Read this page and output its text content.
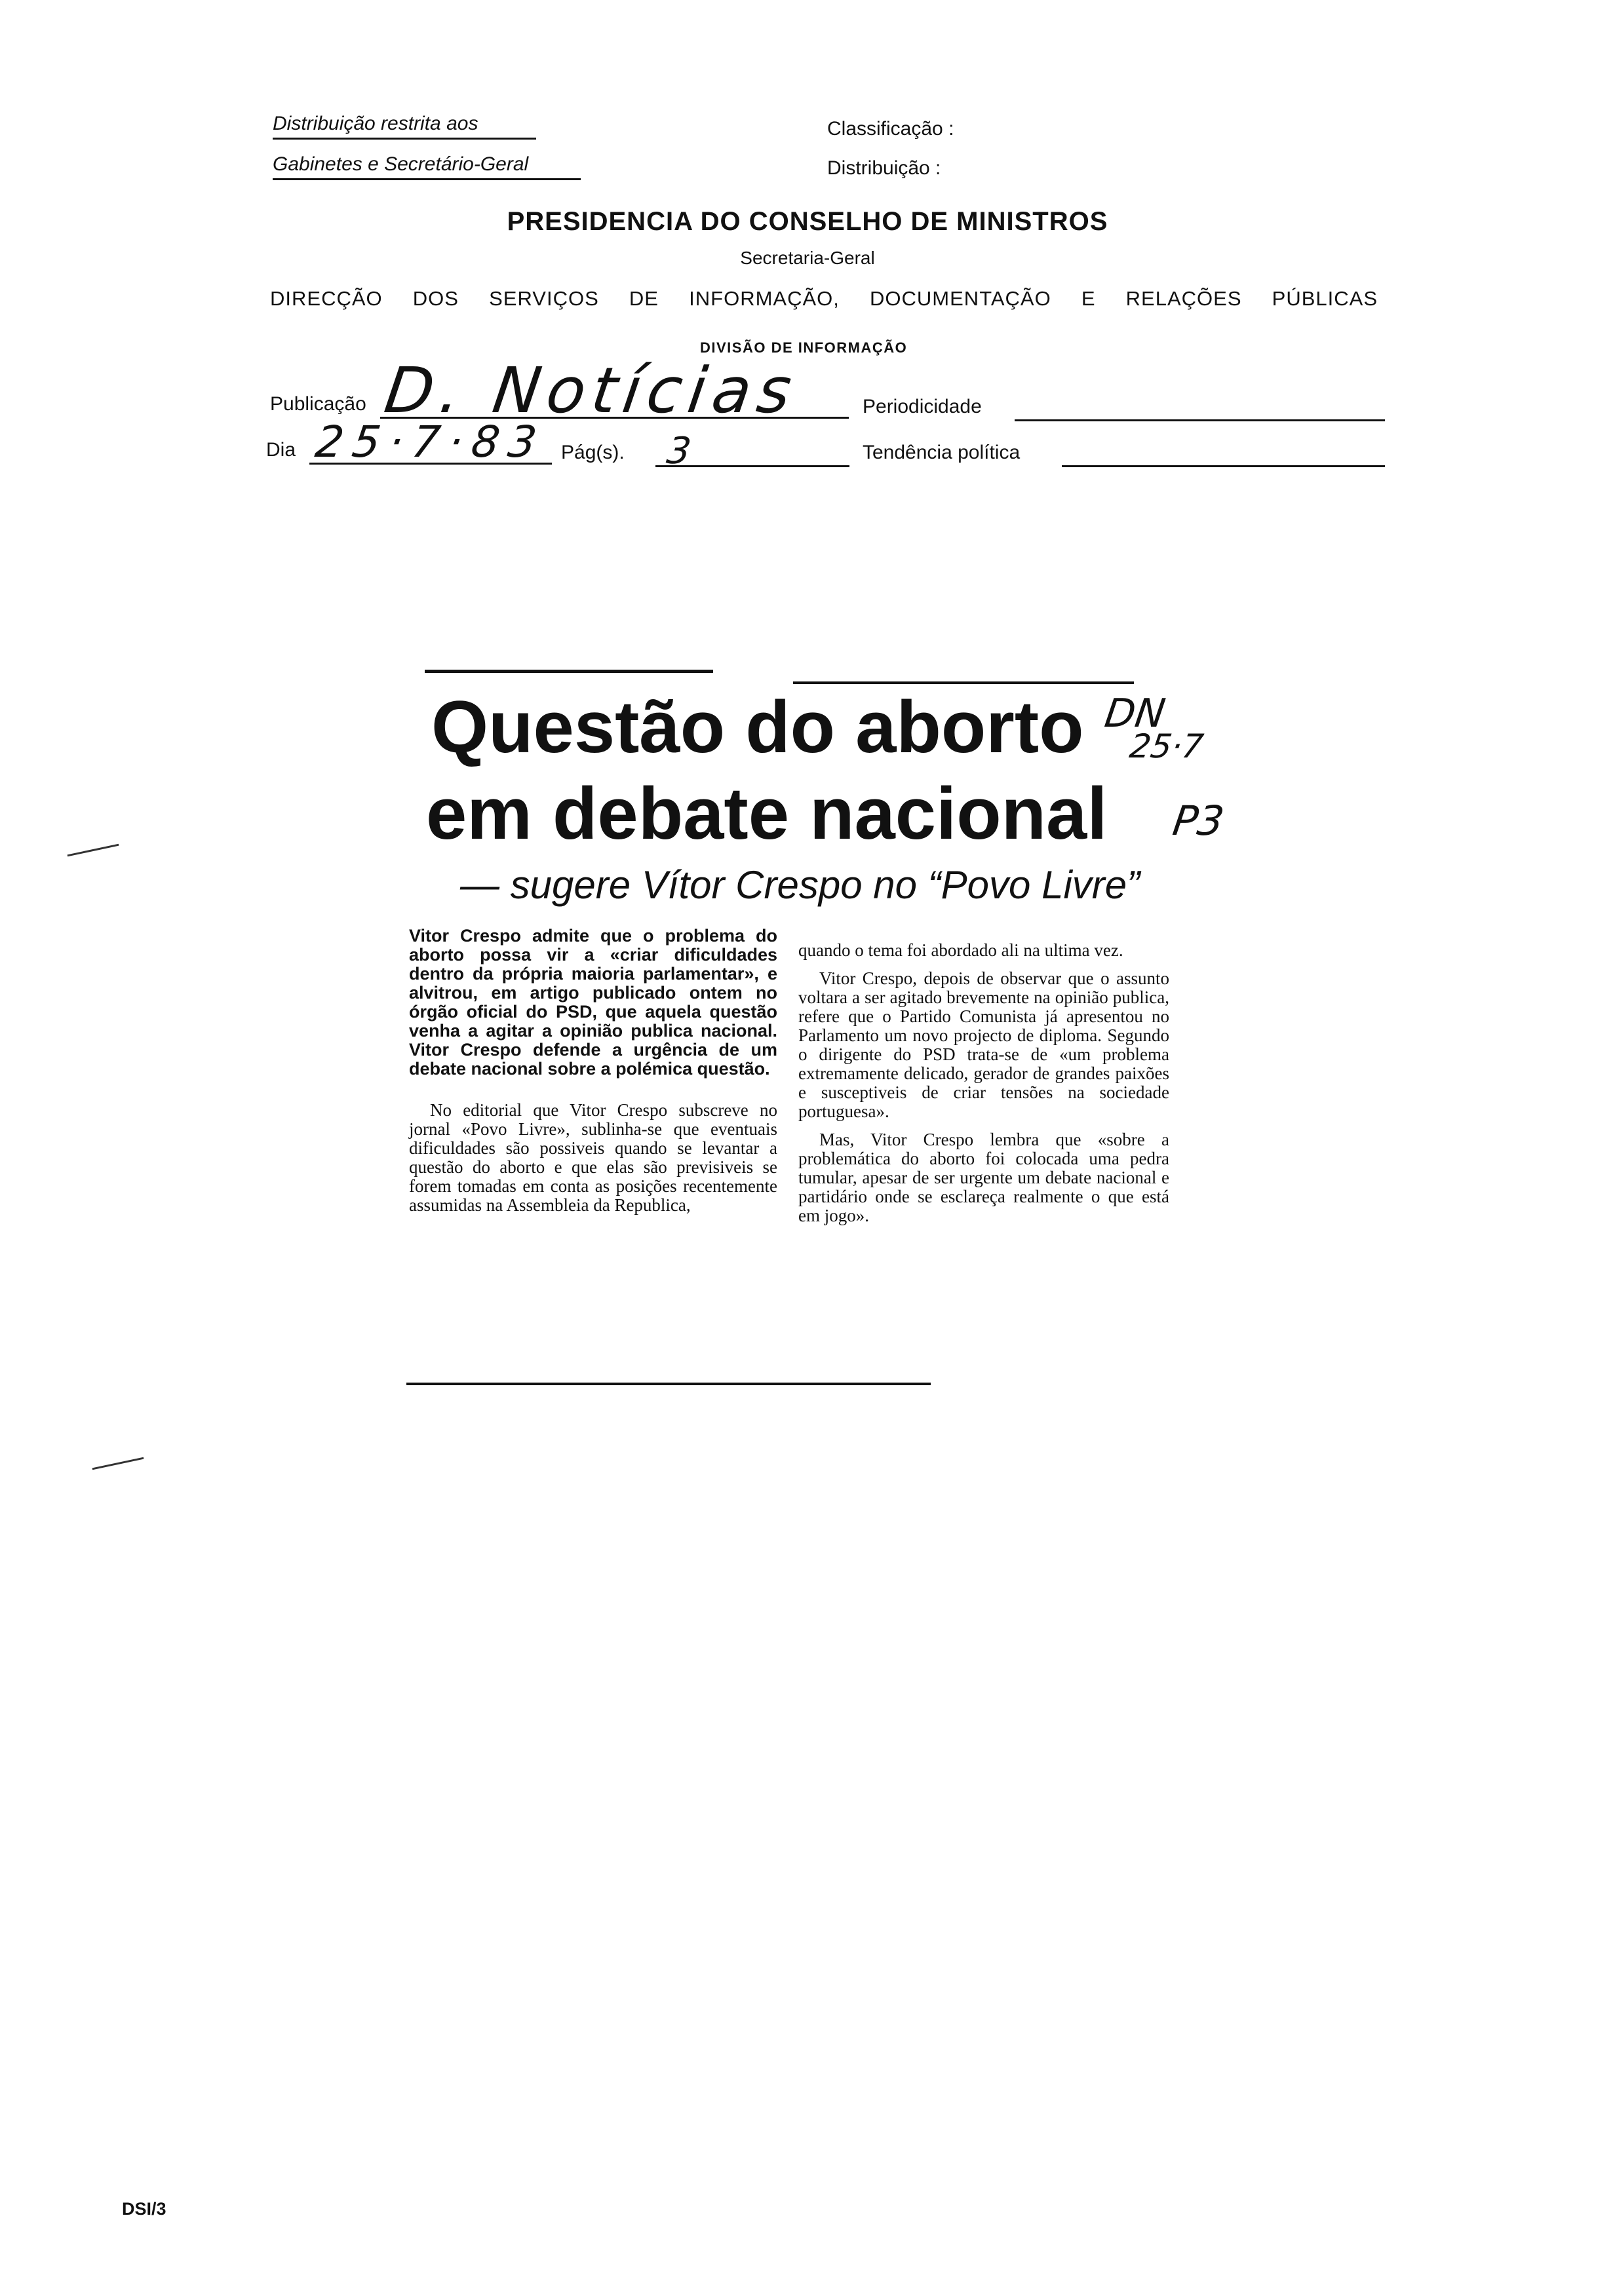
Distribuição restrita aos
Gabinetes e Secretário-Geral
Classificação :
Distribuição :
PRESIDENCIA DO CONSELHO DE MINISTROS
Secretaria-Geral
DIRECÇÃO DOS SERVIÇOS DE INFORMAÇÃO, DOCUMENTAÇÃO E RELAÇÕES PÚBLICAS
DIVISÃO DE INFORMAÇÃO
Publicação D. Notícias	Periodicidade
Dia 25·7·83 Pág(s). 3	Tendência política
Questão do aborto
em debate nacional
DN
25·7
P3
— sugere Vítor Crespo no “Povo Livre”

Vitor Crespo admite que o problema do aborto possa vir a «criar dificuldades dentro da própria maioria parlamentar», e alvitrou, em artigo publicado ontem no órgão oficial do PSD, que aquela questão venha a agitar a opinião publica nacional. Vitor Crespo defende a urgência de um debate nacional sobre a polémica questão.

No editorial que Vitor Crespo subscreve no jornal «Povo Livre», sublinha-se que eventuais dificuldades são possiveis quando se levantar a questão do aborto e que elas são previsiveis se forem tomadas em conta as posições recentemente assumidas na Assembleia da Republica,

quando o tema foi abordado ali na ultima vez.

Vitor Crespo, depois de observar que o assunto voltara a ser agitado brevemente na opinião publica, refere que o Partido Comunista já apresentou no Parlamento um novo projecto de diploma. Segundo o dirigente do PSD trata-se de «um problema extremamente delicado, gerador de grandes paixões e susceptiveis de criar tensões na sociedade portuguesa».

Mas, Vitor Crespo lembra que «sobre a problemática do aborto foi colocada uma pedra tumular, apesar de ser urgente um debate nacional e partidário onde se esclareça realmente o que está em jogo».

DSI/3
